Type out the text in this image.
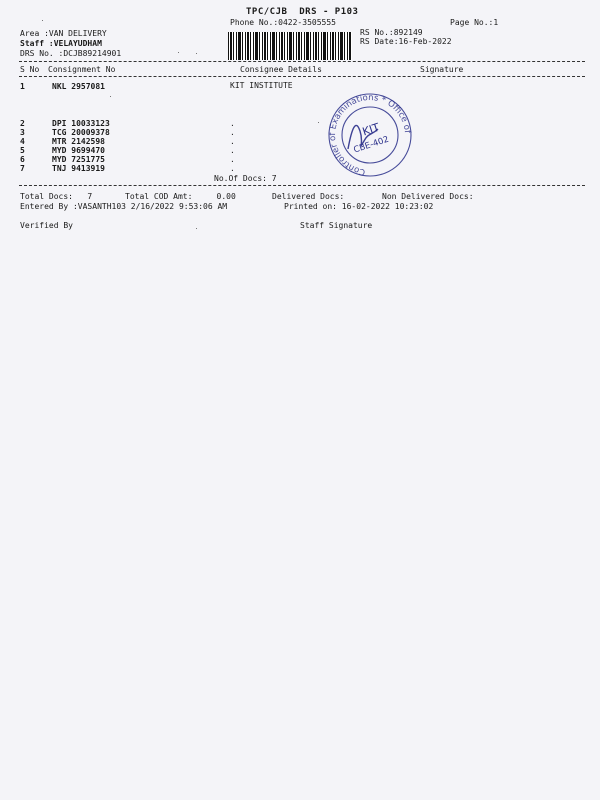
TPC/CJB  DRS - P103
Phone No.:0422-3505555	Page No.:1
Area :VAN DELIVERY
Staff :VELAYUDHAM
DRS No. :DCJB89214901
RS No.:892149
RS Date:16-Feb-2022
S No Consignment No	Consignee Details	Signature
1	NKL 2957081	KIT INSTITUTE
2	DPI 10033123	.
3	TCG 20009378	.
4	MTR 2142598	.
5	MYD 9699470	.
6	MYD 7251775	.
7	TNJ 9413919	.
No.Of Docs: 7
Controller of Examinations * Office of
KIT
CBE-402
Total Docs:   7	Total COD Amt:     0.00	Delivered Docs:	Non Delivered Docs:
Entered By :VASANTH103 2/16/2022 9:53:06 AM	Printed on: 16-02-2022 10:23:02
Verified By	Staff Signature
